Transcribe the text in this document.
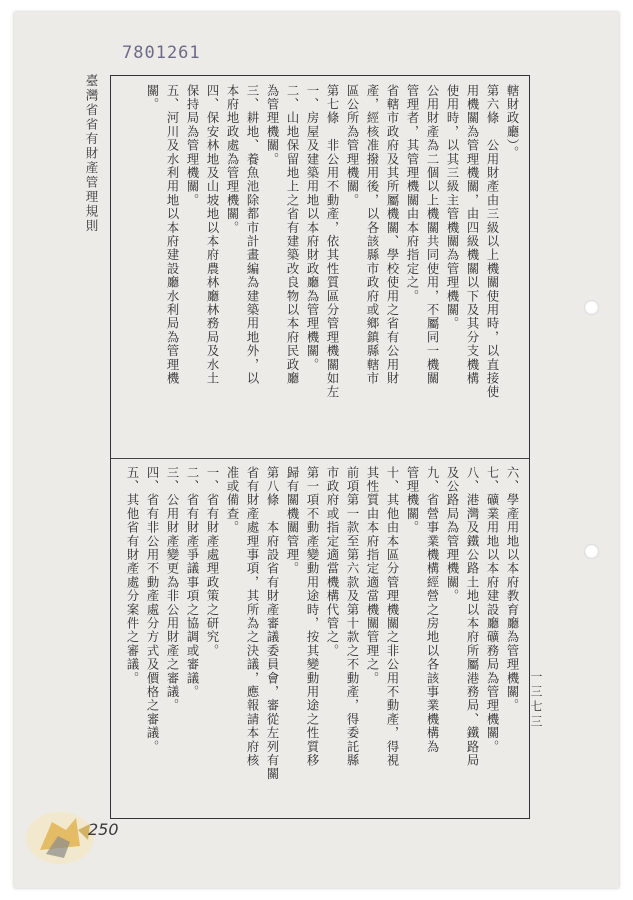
7801261
臺灣省省有財產管理規則
一三七三
轄財政廳）。
第六條　公用財產由三級以上機關使用時，以直接使
用機關為管理機關，由四級機關以下及其分支機構
使用時，以其三級主管機關為管理機關。
公用財產為二個以上機關共同使用，不屬同一機關
管理者，其管理機關由本府指定之。
省轄市政府及其所屬機關、學校使用之省有公用財
產，經核准撥用後，以各該縣市政府或鄉鎮縣轄市
區公所為管理機關。
第七條　非公用不動產，依其性質區分管理機關如左
一、房屋及建築用地以本府財政廳為管理機關。
二、山地保留地上之省有建築改良物以本府民政廳
為管理機關。
三、耕地、養魚池除都市計畫編為建築用地外，以
本府地政處為管理機關。
四、保安林地及山坡地以本府農林廳林務局及水土
保持局為管理機關。
五、河川及水利用地以本府建設廳水利局為管理機
關。
六、學產用地以本府教育廳為管理機關。
七、礦業用地以本府建設廳礦務局為管理機關。
八、港灣及鐵公路土地以本府所屬港務局、鐵路局
及公路局為管理機關。
九、省營事業機構經營之房地以各該事業機構為
管理機關。
十、其他由本區分管理機關之非公用不動產，得視
其性質由本府指定適當機關管理之。
前項第一款至第六款及第十款之不動產，得委託縣
市政府或指定適當機構代管之。
第一項不動產變動用途時，按其變動用途之性質移
歸有關機關管理。
第八條　本府設省有財產審議委員會，審從左列有關
省有財產處理事項，其所為之決議，應報請本府核
准或備查。
一、省有財產處理政策之研究。
二、省有財產爭議事項之協調或審議。
三、公用財產變更為非公用財產之審議。
四、省有非公用不動產處分方式及價格之審議。
五、其他省有財產處分案件之審議。
250
